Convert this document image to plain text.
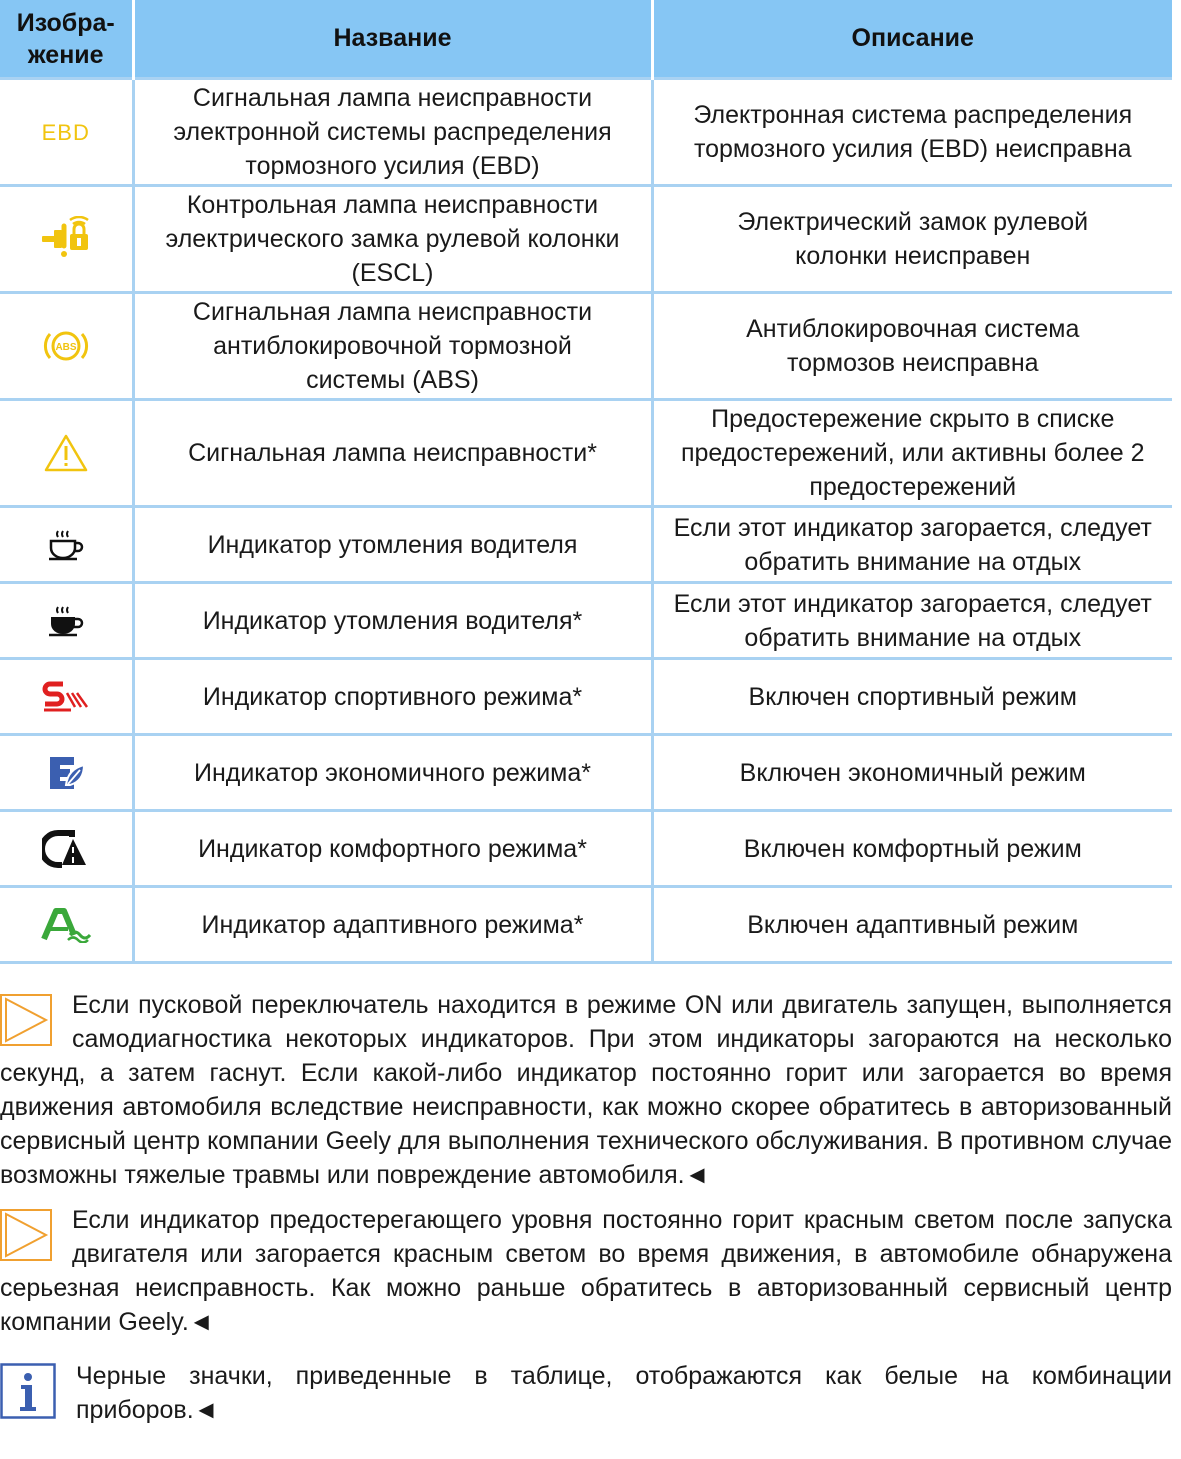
Изобра-
жение	Название	Описание
EBD	Сигнальная лампа неисправности электронной системы распределения тормозного усилия (EBD)	Электронная система распределения тормозного усилия (EBD) неисправна

	Контрольная лампа неисправности электрического замка рулевой колонки (ESCL)	Электрический замок рулевой колонки неисправен

ABS	Сигнальная лампа неисправности антиблокировочной тормозной системы (ABS)	Антиблокировочная система тормозов неисправна

	Сигнальная лампа неисправности*	Предостережение скрыто в списке предостережений, или активны более 2 предостережений

	Индикатор утомления водителя	Если этот индикатор загорается, следует обратить внимание на отдых

	Индикатор утомления водителя*	Если этот индикатор загорается, следует обратить внимание на отдых

	Индикатор спортивного режима*	Включен спортивный режим

	Индикатор экономичного режима*	Включен экономичный режим

	Индикатор комфортного режима*	Включен комфортный режим

	Индикатор адаптивного режима*	Включен адаптивный режим
Если пусковой переключатель находится в режиме ON или двигатель запущен, выполняется самодиагностика некоторых индикаторов. При этом индикаторы загораются на несколько секунд, а затем гаснут. Если какой-либо индикатор постоянно горит или загорается во время движения автомобиля вследствие неисправности, как можно скорее обратитесь в авторизованный сервисный центр компании Geely для выполнения технического обслуживания. В противном случае возможны тяжелые травмы или повреждение автомобиля.◄
Если индикатор предостерегающего уровня постоянно горит красным светом после запуска двигателя или загорается красным светом во время движения, в автомобиле обнаружена серьезная неисправность. Как можно раньше обратитесь в авторизованный сервисный центр компании Geely.◄
Черные значки, приведенные в таблице, отображаются как белые на комбинации приборов.◄
